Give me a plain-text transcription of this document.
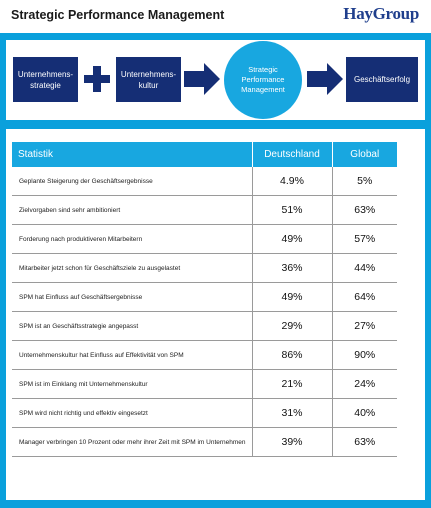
Strategic Performance Management	HayGroup
Unternehmens-
strategie
Unternehmens-
kultur
Strategic
Performance
Management
Geschäftserfolg
Statistik	Deutschland	Global
Geplante Steigerung der Geschäftsergebnisse	4.9%	5%
Zielvorgaben sind sehr ambitioniert	51%	63%
Forderung nach produktiveren Mitarbeitern	49%	57%
Mitarbeiter jetzt schon für Geschäftsziele zu ausgelastet	36%	44%
SPM hat Einfluss auf Geschäftsergebnisse	49%	64%
SPM ist an Geschäftsstrategie angepasst	29%	27%
Unternehmenskultur hat Einfluss auf Effektivität von SPM	86%	90%
SPM ist im Einklang mit Unternehmenskultur	21%	24%
SPM wird nicht richtig und effektiv eingesetzt	31%	40%
Manager verbringen 10 Prozent oder mehr ihrer Zeit mit SPM im Unternehmen	39%	63%
